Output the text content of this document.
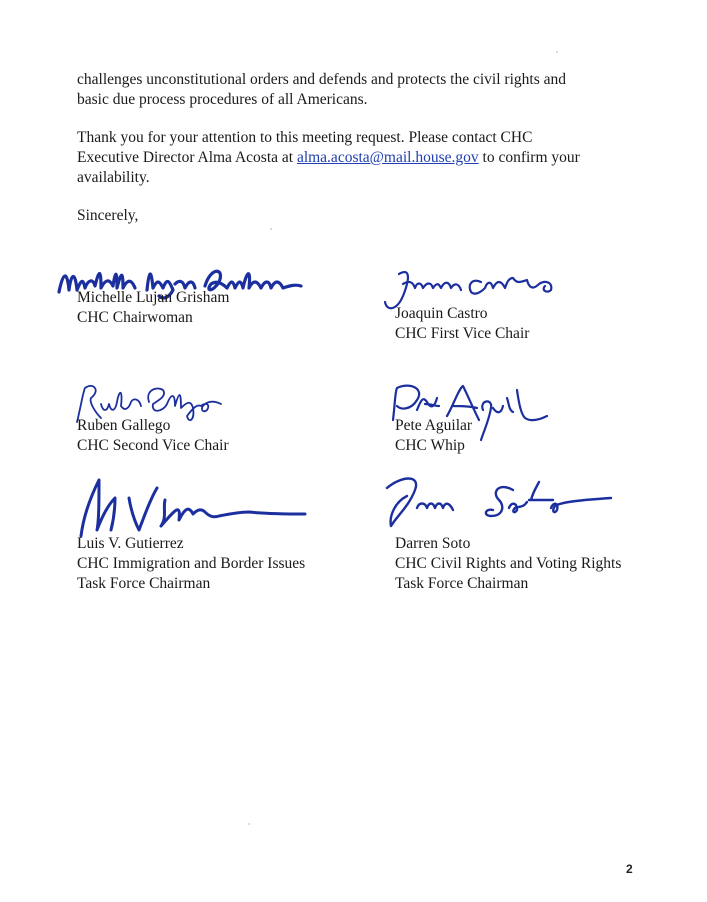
challenges unconstitutional orders and defends and protects the civil rights and
basic due process procedures of all Americans.

Thank you for your attention to this meeting request. Please contact CHC
Executive Director Alma Acosta at alma.acosta@mail.house.gov to confirm your
availability.

Sincerely,

Michelle Lujan Grisham
CHC Chairwoman	Joaquin Castro
CHC First Vice Chair
Ruben Gallego
CHC Second Vice Chair
Pete Aguilar
CHC Whip
Luis V. Gutierrez
CHC Immigration and Border Issues
Task Force Chairman
Darren Soto
CHC Civil Rights and Voting Rights
Task Force Chairman
2
